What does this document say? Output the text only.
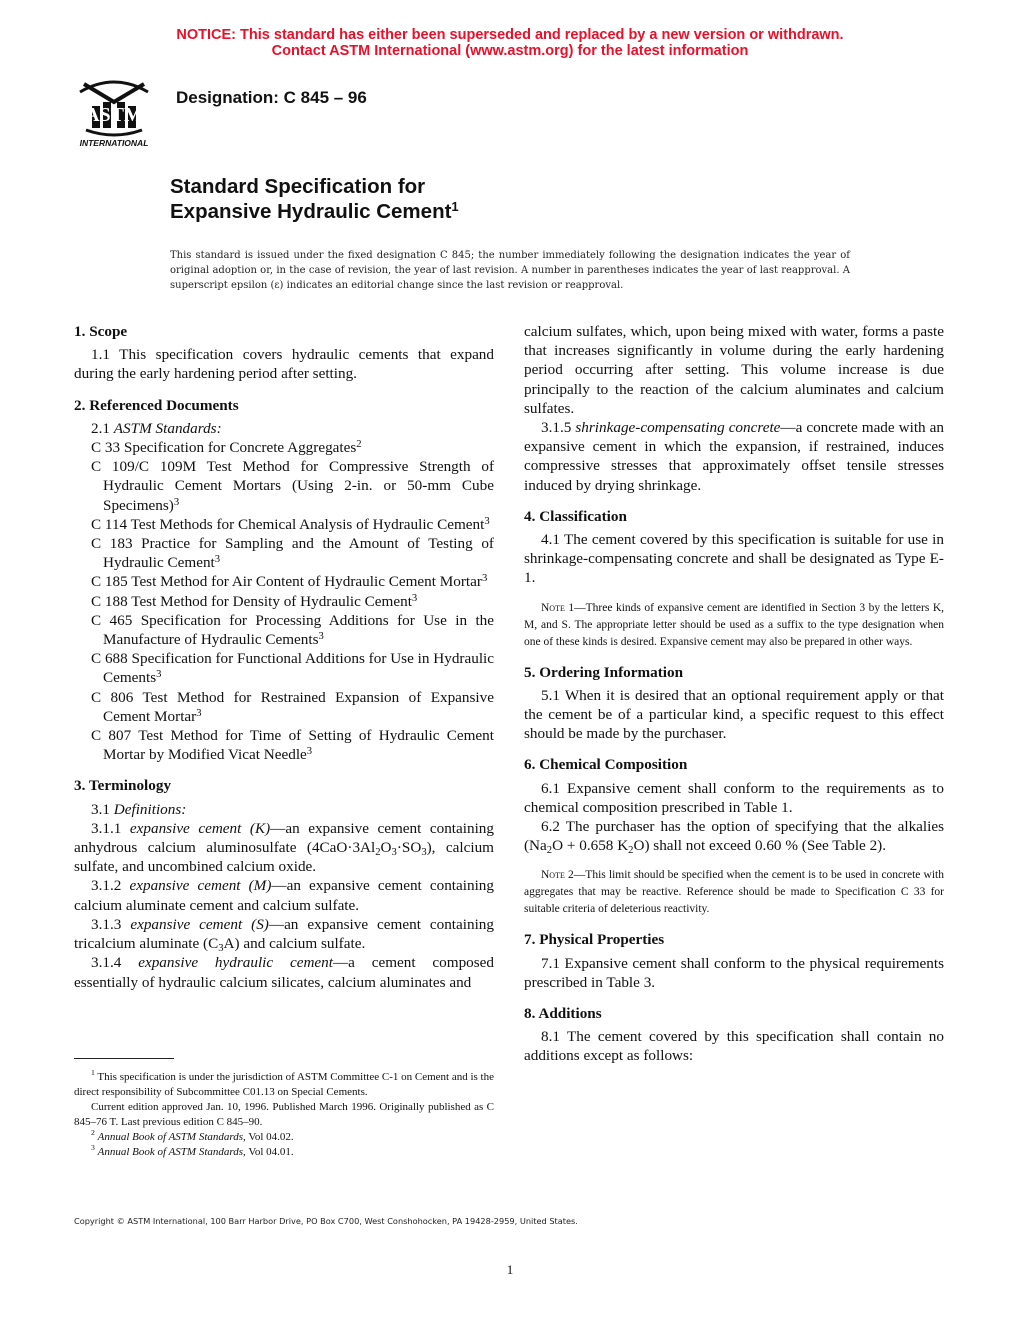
NOTICE: This standard has either been superseded and replaced by a new version or withdrawn.
Contact ASTM International (www.astm.org) for the latest information
ASTM
INTERNATIONAL
Designation: C 845 – 96
Standard Specification for
Expansive Hydraulic Cement$^1$
This standard is issued under the fixed designation C 845; the number immediately following the designation indicates the year of original adoption or, in the case of revision, the year of last revision. A number in parentheses indicates the year of last reapproval. A superscript epsilon (ε) indicates an editorial change since the last revision or reapproval.
1. Scope

1.1 This specification covers hydraulic cements that expand during the early hardening period after setting.

2. Referenced Documents

2.1 ASTM Standards:

C 33 Specification for Concrete Aggregates$^2$

C 109/C 109M Test Method for Compressive Strength of Hydraulic Cement Mortars (Using 2-in. or 50-mm Cube Specimens)$^3$

C 114 Test Methods for Chemical Analysis of Hydraulic Cement$^3$

C 183 Practice for Sampling and the Amount of Testing of Hydraulic Cement$^3$

C 185 Test Method for Air Content of Hydraulic Cement Mortar$^3$

C 188 Test Method for Density of Hydraulic Cement$^3$

C 465 Specification for Processing Additions for Use in the Manufacture of Hydraulic Cements$^3$

C 688 Specification for Functional Additions for Use in Hydraulic Cements$^3$

C 806 Test Method for Restrained Expansion of Expansive Cement Mortar$^3$

C 807 Test Method for Time of Setting of Hydraulic Cement Mortar by Modified Vicat Needle$^3$

3. Terminology

3.1 Definitions:

3.1.1 expansive cement (K)—an expansive cement containing anhydrous calcium aluminosulfate $(4CaO\cdot 3Al_2O_3\cdot SO_3)$, calcium sulfate, and uncombined calcium oxide.

3.1.2 expansive cement (M)—an expansive cement containing calcium aluminate cement and calcium sulfate.

3.1.3 expansive cement (S)—an expansive cement containing tricalcium aluminate $(C_3A)$ and calcium sulfate.

3.1.4 expansive hydraulic cement—a cement composed essentially of hydraulic calcium silicates, calcium aluminates and

calcium sulfates, which, upon being mixed with water, forms a paste that increases significantly in volume during the early hardening period occurring after setting. This volume increase is due principally to the reaction of the calcium aluminates and calcium sulfates.

3.1.5 shrinkage-compensating concrete—a concrete made with an expansive cement in which the expansion, if restrained, induces compressive stresses that approximately offset tensile stresses induced by drying shrinkage.

4. Classification

4.1 The cement covered by this specification is suitable for use in shrinkage-compensating concrete and shall be designated as Type E-1.

Note 1—Three kinds of expansive cement are identified in Section 3 by the letters K, M, and S. The appropriate letter should be used as a suffix to the type designation when one of these kinds is desired. Expansive cement may also be prepared in other ways.

5. Ordering Information

5.1 When it is desired that an optional requirement apply or that the cement be of a particular kind, a specific request to this effect should be made by the purchaser.

6. Chemical Composition

6.1 Expansive cement shall conform to the requirements as to chemical composition prescribed in Table 1.

6.2 The purchaser has the option of specifying that the alkalies ($Na_2O + 0.658$ $K_2O$) shall not exceed 0.60 % (See Table 2).

Note 2—This limit should be specified when the cement is to be used in concrete with aggregates that may be reactive. Reference should be made to Specification C 33 for suitable criteria of deleterious reactivity.

7. Physical Properties

7.1 Expansive cement shall conform to the physical requirements prescribed in Table 3.

8. Additions

8.1 The cement covered by this specification shall contain no additions except as follows:

$^1$ This specification is under the jurisdiction of ASTM Committee C-1 on Cement and is the direct responsibility of Subcommittee C01.13 on Special Cements.

Current edition approved Jan. 10, 1996. Published March 1996. Originally published as C 845–76 T. Last previous edition C 845–90.

$^2$ Annual Book of ASTM Standards, Vol 04.02.

$^3$ Annual Book of ASTM Standards, Vol 04.01.

Copyright © ASTM International, 100 Barr Harbor Drive, PO Box C700, West Conshohocken, PA 19428-2959, United States.
1
